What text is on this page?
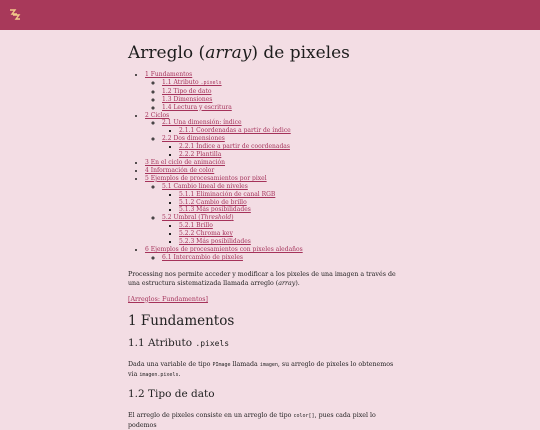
Arreglo (array) de pixeles
• 1 Fundamentos
◦ 1.1 Atributo .pixels
◦ 1.2 Tipo de dato
◦ 1.3 Dimensiones
◦ 1.4 Lectura y escritura
• 2 Ciclos
◦ 2.1 Una dimensión: índice
▪ 2.1.1 Coordenadas a partir de índice
◦ 2.2 Dos dimensiones
▪ 2.2.1 Índice a partir de coordenadas
▪ 2.2.2 Plantilla
• 3 En el ciclo de animación
• 4 Información de color
• 5 Ejemplos de procesamientos por pixel
◦ 5.1 Cambio lineal de niveles
▪ 5.1.1 Eliminación de canal RGB
▪ 5.1.2 Cambio de brillo
▪ 5.1.3 Más posibilidades
◦ 5.2 Umbral (Threshold)
▪ 5.2.1 Brillo
▪ 5.2.2 Chroma key
▪ 5.2.3 Más posibilidades
• 6 Ejemplos de procesamientos con pixeles aledaños
◦ 6.1 Intercambio de pixeles

Processing nos permite acceder y modificar a los pixeles de una imagen a través de una estructura sistematizada llamada arreglo (array).

[Arreglos: Fundamentos]

1 Fundamentos
1.1 Atributo .pixels

Dada una variable de tipo PImage llamada imagen, su arreglo de pixeles lo obtenemos via imagen.pixels.

1.2 Tipo de dato

El arreglo de pixeles consiste en un arreglo de tipo color[], pues cada pixel lo podemos
